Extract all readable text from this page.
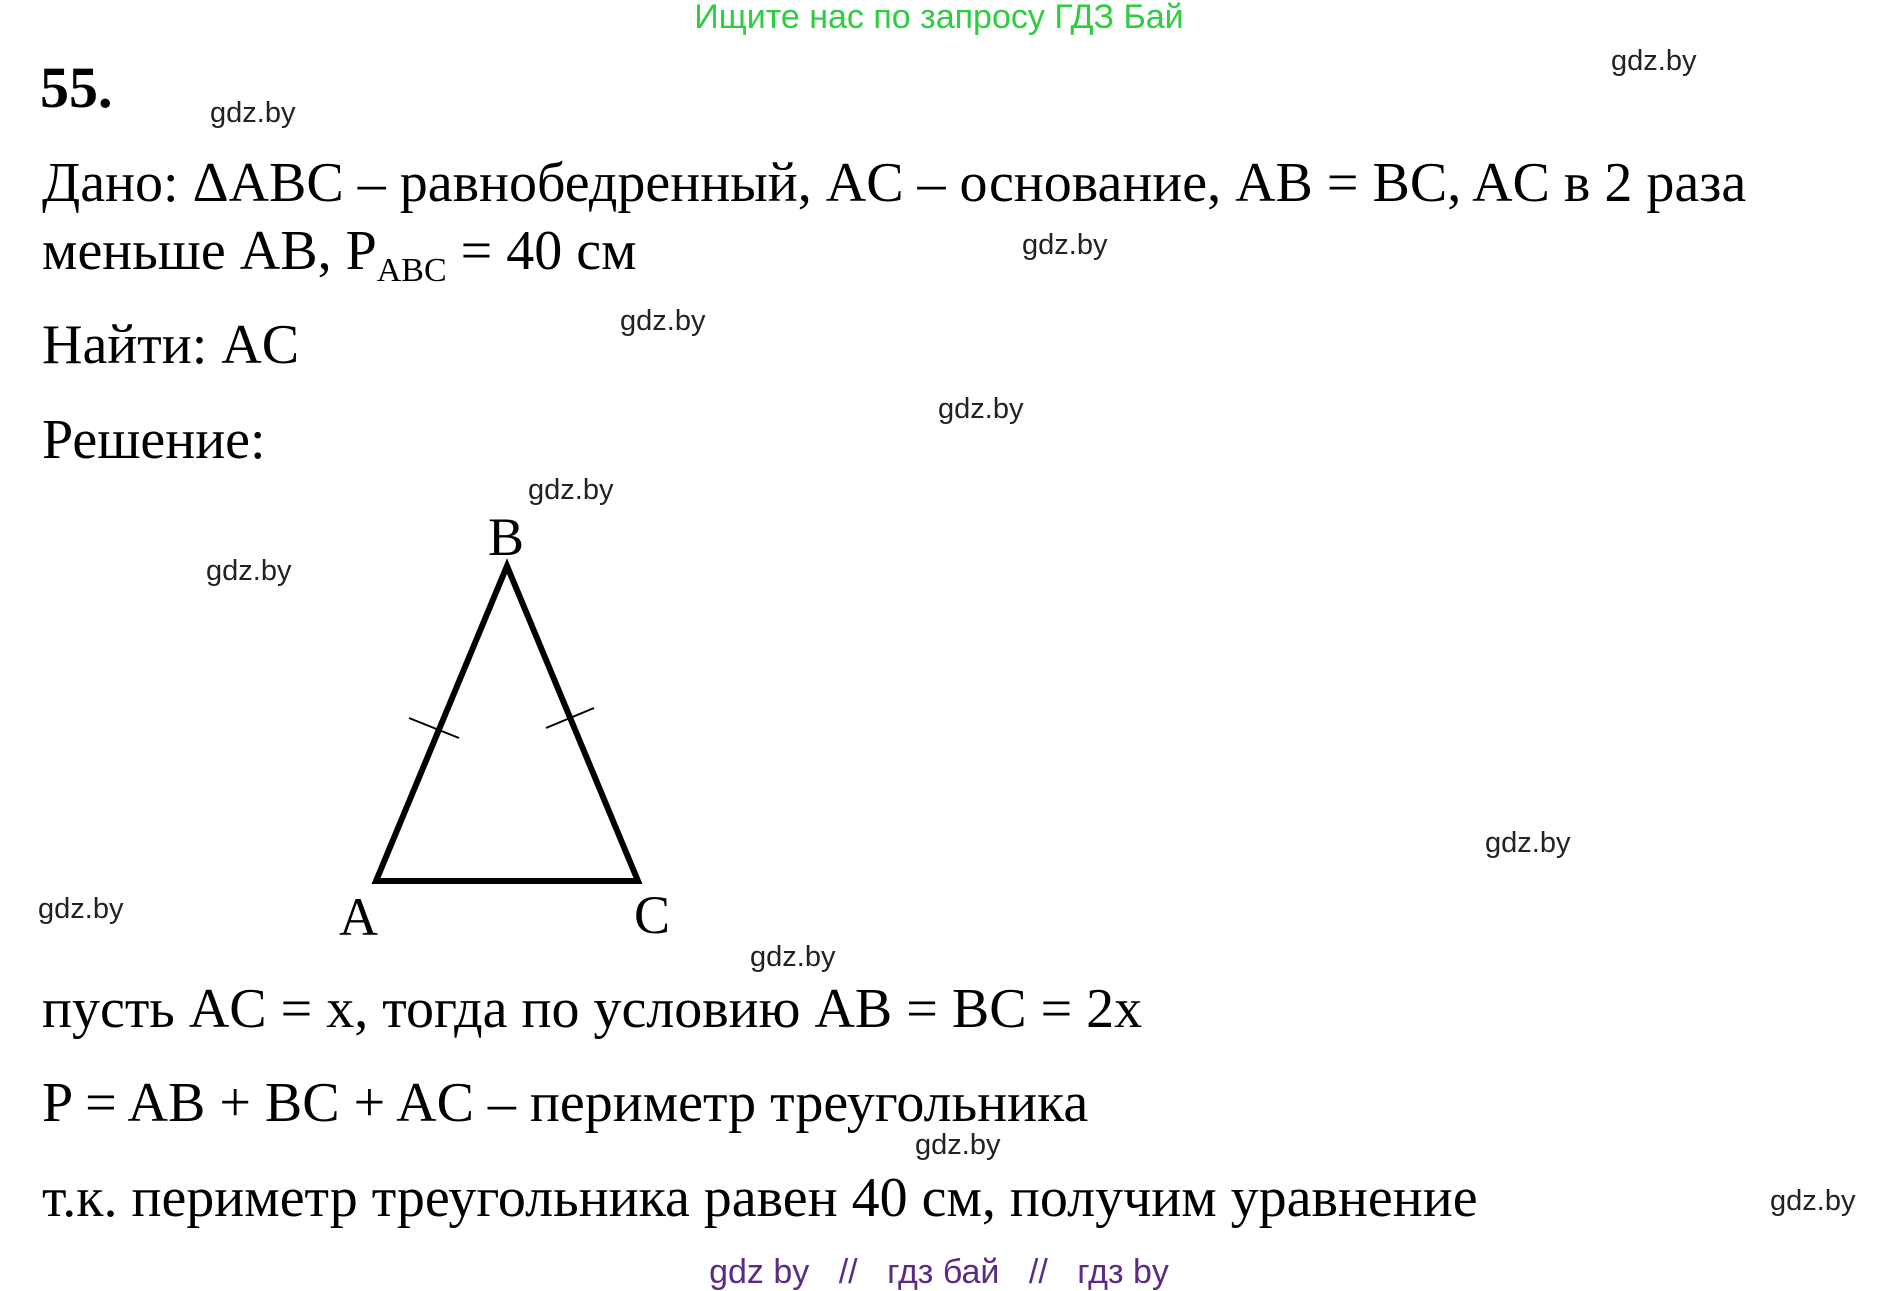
Ищите нас по запросу ГДЗ Бай
55.
Дано: ΔABC – равнобедренный, AC – основание, AB = BC, AC в 2 раза
меньше AB, $P_{ABC} = 40$ см
Найти: AC
Решение:
B
A	C
пусть AC = x, тогда по условию AB = BC = 2x
P = AB + BC + AC – периметр треугольника
т.к. периметр треугольника равен 40 см, получим уравнение
gdz.by
gdz.by
gdz.by
gdz.by
gdz.by
gdz.by
gdz.by
gdz.by
gdz.by
gdz.by
gdz.by
gdz.by
gdz by // гдз бай // гдз by
